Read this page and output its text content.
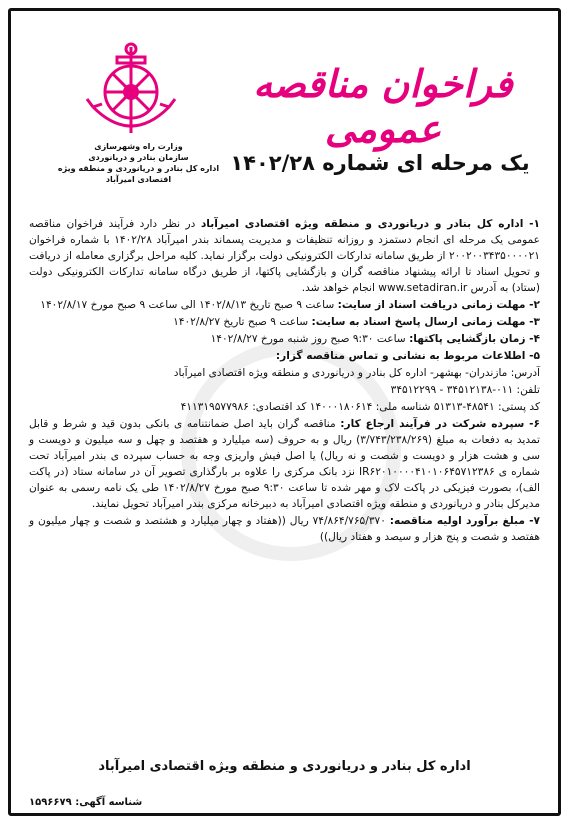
وزارت راه وشهرسازی
سازمان بنادر و دریانوردی
اداره کل بنادر و دریانوردی و منطقه ویژه اقتصادی امیرآباد
فراخوان مناقصه عمومی
یک مرحله ای شماره ۱۴۰۲/۲۸

۱- اداره کل بنادر و دریانوردی و منطقه ویژه اقتصادی امیرآباد در نظر دارد فرآیند فراخوان مناقصه عمومی یک مرحله ای انجام دستمزد و روزانه تنظیفات و مدیریت پسماند بندر امیرآباد ۱۴۰۲/۲۸ با شماره فراخوان ۲۰۰۲۰۰۳۴۳۵۰۰۰۰۲۱ از طریق سامانه تدارکات الکترونیکی دولت برگزار نماید. کلیه مراحل برگزاری معامله از دریافت و تحویل اسناد تا ارائه پیشنهاد مناقصه گران و بازگشایی پاکتها، از طریق درگاه سامانه تدارکات الکترونیکی دولت (ستاد) به آدرس www.setadiran.ir انجام خواهد شد.

۲- مهلت زمانی دریافت اسناد از سایت: ساعت ۹ صبح تاریخ ۱۴۰۲/۸/۱۳ الی ساعت ۹ صبح مورخ ۱۴۰۲/۸/۱۷

۳- مهلت زمانی ارسال پاسخ اسناد به سایت: ساعت ۹ صبح تاریخ ۱۴۰۲/۸/۲۷

۴- زمان بازگشایی پاکتها: ساعت ۹:۳۰ صبح روز شنبه مورخ ۱۴۰۲/۸/۲۷

۵- اطلاعات مربوط به نشانی و تماس مناقصه گزار:

آدرس: مازندران- بهشهر- اداره کل بنادر و دریانوردی و منطقه ویژه اقتصادی امیرآباد

تلفن: ۰۱۱-۳۴۵۱۲۱۳۸ - ۳۴۵۱۲۲۹۹

کد پستی: ۴۸۵۴۱-۵۱۳۱۳ شناسه ملی: ۱۴۰۰۰۱۸۰۶۱۴ کد اقتصادی: ۴۱۱۳۱۹۵۷۷۹۸۶

۶- سپرده شرکت در فرآیند ارجاع کار: مناقصه گران باید اصل ضمانتنامه ی بانکی بدون قید و شرط و قابل تمدید به دفعات به مبلغ (۳/۷۴۳/۲۳۸/۲۶۹) ریال و به حروف (سه میلیارد و هفتصد و چهل و سه میلیون و دویست و سی و هشت هزار و دویست و شصت و نه ریال) یا اصل فیش واریزی وجه به حساب سپرده ی بندر امیرآباد تحت شماره ی IR۶۲۰۱۰۰۰۰۴۱۰۱۰۶۴۵۷۱۲۳۸۶ نزد بانک مرکزی را علاوه بر بارگذاری تصویر آن در سامانه ستاد (در پاکت الف)، بصورت فیزیکی در پاکت لاک و مهر شده تا ساعت ۹:۳۰ صبح مورخ ۱۴۰۲/۸/۲۷ طی یک نامه رسمی به عنوان مدیرکل بنادر و دریانوردی و منطقه ویژه اقتصادی امیرآباد به دبیرخانه مرکزی بندر امیرآباد تحویل نمایند.

۷- مبلغ برآورد اولیه مناقصه: ۷۴/۸۶۴/۷۶۵/۳۷۰ ریال ((هفتاد و چهار میلیارد و هشتصد و شصت و چهار میلیون و هفتصد و شصت و پنج هزار و سیصد و هفتاد ریال))

اداره کل بنادر و دریانوردی و منطقه ویژه اقتصادی امیرآباد
شناسه آگهی: ۱۵۹۶۶۷۹
